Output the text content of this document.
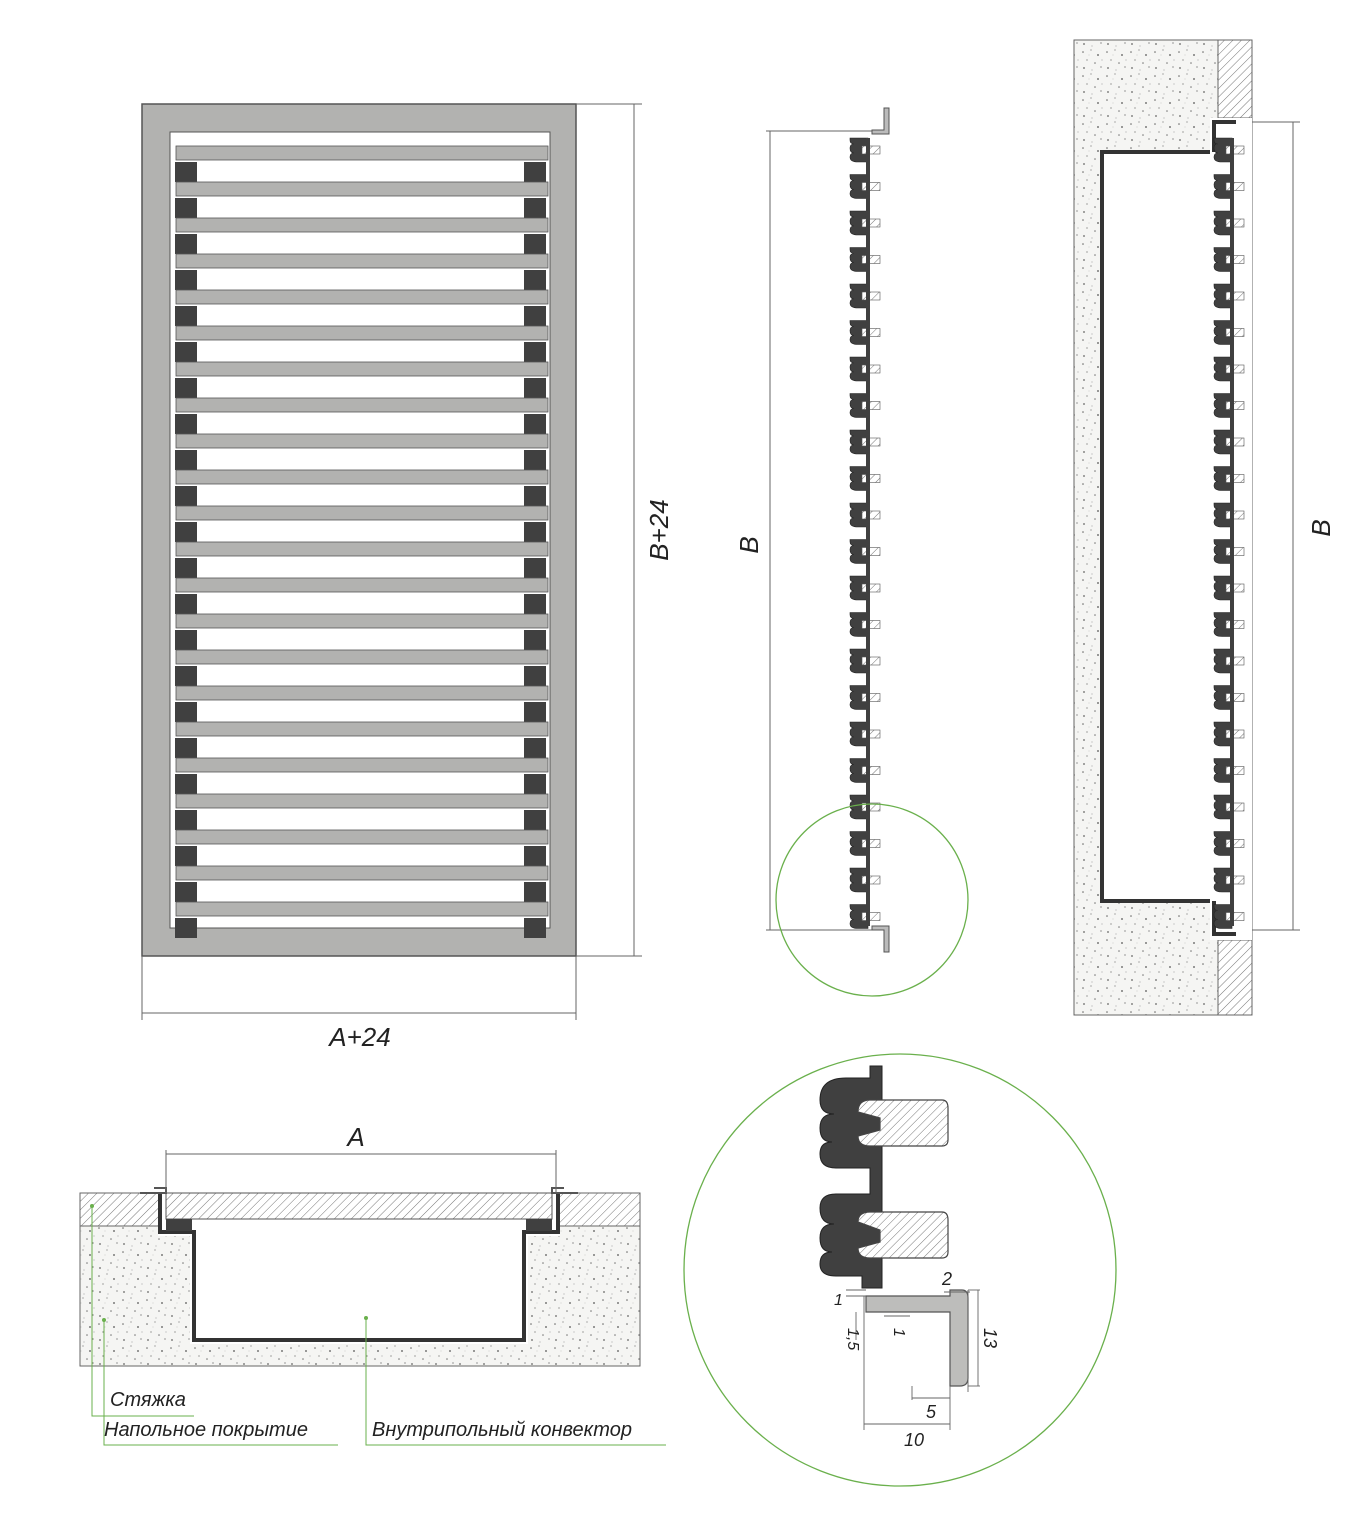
A+24
B+24 B
B
A
Стяжка
Напольное покрытие	Внутрипольный конвектор
1
1,5 1
2
13
5
10
